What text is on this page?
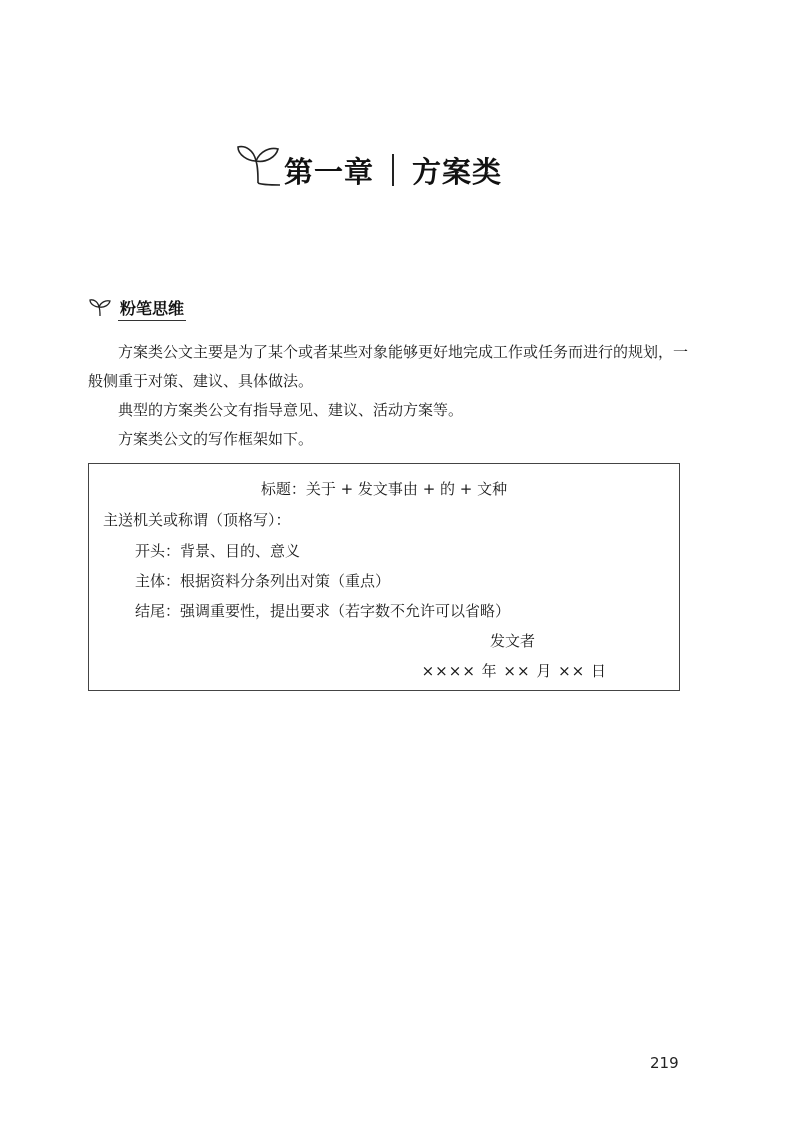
第一章 方案类
粉笔思维

方案类公文主要是为了某个或者某些对象能够更好地完成工作或任务而进行的规划，一般侧重于对策、建议、具体做法。

典型的方案类公文有指导意见、建议、活动方案等。

方案类公文的写作框架如下。

标题：关于 + 发文事由 + 的 + 文种
主送机关或称谓（顶格写）：
开头：背景、目的、意义
主体：根据资料分条列出对策（重点）
结尾：强调重要性，提出要求（若字数不允许可以省略）
发文者
×××× 年 ×× 月 ×× 日
219
